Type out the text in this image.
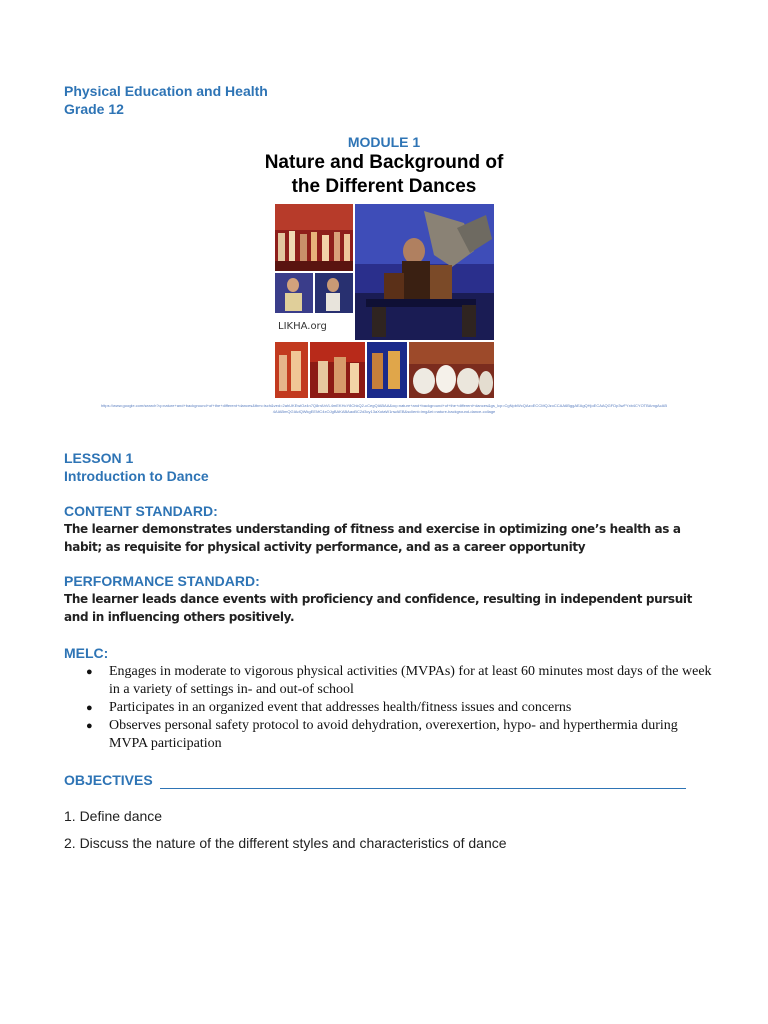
Physical Education and Health
Grade 12
MODULE 1
Nature and Background of
the Different Dances
LIKHA.org
https://www.google.com/search?q=nature+and+background+of+the+different+dances&tbm=isch&ved=2ahUKEwiOz4n7Q8rrAhVL4mEKHcY8ChkQ2-cCegQIABAA&oq=nature+and+background+of+the+different+dances&gs_lcp=CgNpbWcQAzoECCMQJzoCCAA6BggAEAgQHjoECAAQGFDp3wFYxb4CYOTBAmgAcAB4AIABmQGIAdQWkgEEMC4xOJgBAKABAaoBC2d3cy13aXotaW1nwAEB&sclient=img&ei=nature-background-dance-collage
LESSON 1
Introduction to Dance
CONTENT STANDARD:
The learner demonstrates understanding of fitness and exercise in optimizing one’s health as a habit; as requisite for physical activity performance, and as a career opportunity
PERFORMANCE STANDARD:
The learner leads dance events with proficiency and confidence, resulting in independent pursuit and in influencing others positively.
MELC:
● Engages in moderate to vigorous physical activities (MVPAs) for at least 60 minutes most days of the week in a variety of settings in- and out-of school
● Participates in an organized event that addresses health/fitness issues and concerns
● Observes personal safety protocol to avoid dehydration, overexertion, hypo- and hyperthermia during MVPA participation
OBJECTIVES
1. Define dance
2. Discuss the nature of the different styles and characteristics of dance
